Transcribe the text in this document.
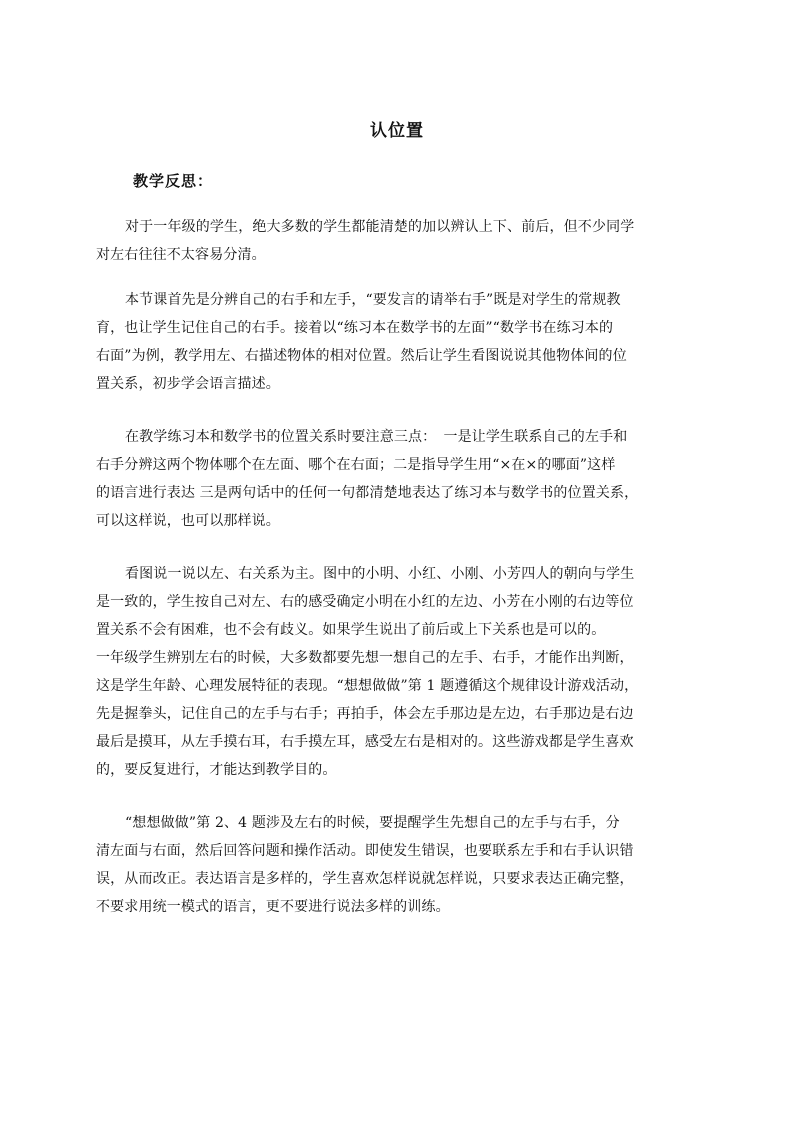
认位置
教学反思：
对于一年级的学生，绝大多数的学生都能清楚的加以辨认上下、前后，但不少同学
对左右往往不太容易分清。
本节课首先是分辨自己的右手和左手，“要发言的请举右手”既是对学生的常规教
育，也让学生记住自己的右手。接着以“练习本在数学书的左面”“数学书在练习本的
右面”为例，教学用左、右描述物体的相对位置。然后让学生看图说说其他物体间的位
置关系，初步学会语言描述。
在教学练习本和数学书的位置关系时要注意三点：　一是让学生联系自己的左手和
右手分辨这两个物体哪个在左面、哪个在右面；二是指导学生用“×在×的哪面”这样
的语言进行表达 三是两句话中的任何一句都清楚地表达了练习本与数学书的位置关系，
可以这样说，也可以那样说。
看图说一说以左、右关系为主。图中的小明、小红、小刚、小芳四人的朝向与学生
是一致的，学生按自己对左、右的感受确定小明在小红的左边、小芳在小刚的右边等位
置关系不会有困难，也不会有歧义。如果学生说出了前后或上下关系也是可以的。
一年级学生辨别左右的时候，大多数都要先想一想自己的左手、右手，才能作出判断，
这是学生年龄、心理发展特征的表现。“想想做做”第 1 题遵循这个规律设计游戏活动，
先是握拳头，记住自己的左手与右手；再拍手，体会左手那边是左边，右手那边是右边
最后是摸耳，从左手摸右耳，右手摸左耳，感受左右是相对的。这些游戏都是学生喜欢
的，要反复进行，才能达到教学目的。
“想想做做”第 2、4 题涉及左右的时候，要提醒学生先想自己的左手与右手，分
清左面与右面，然后回答问题和操作活动。即使发生错误，也要联系左手和右手认识错
误，从而改正。表达语言是多样的，学生喜欢怎样说就怎样说，只要求表达正确完整，
不要求用统一模式的语言，更不要进行说法多样的训练。
